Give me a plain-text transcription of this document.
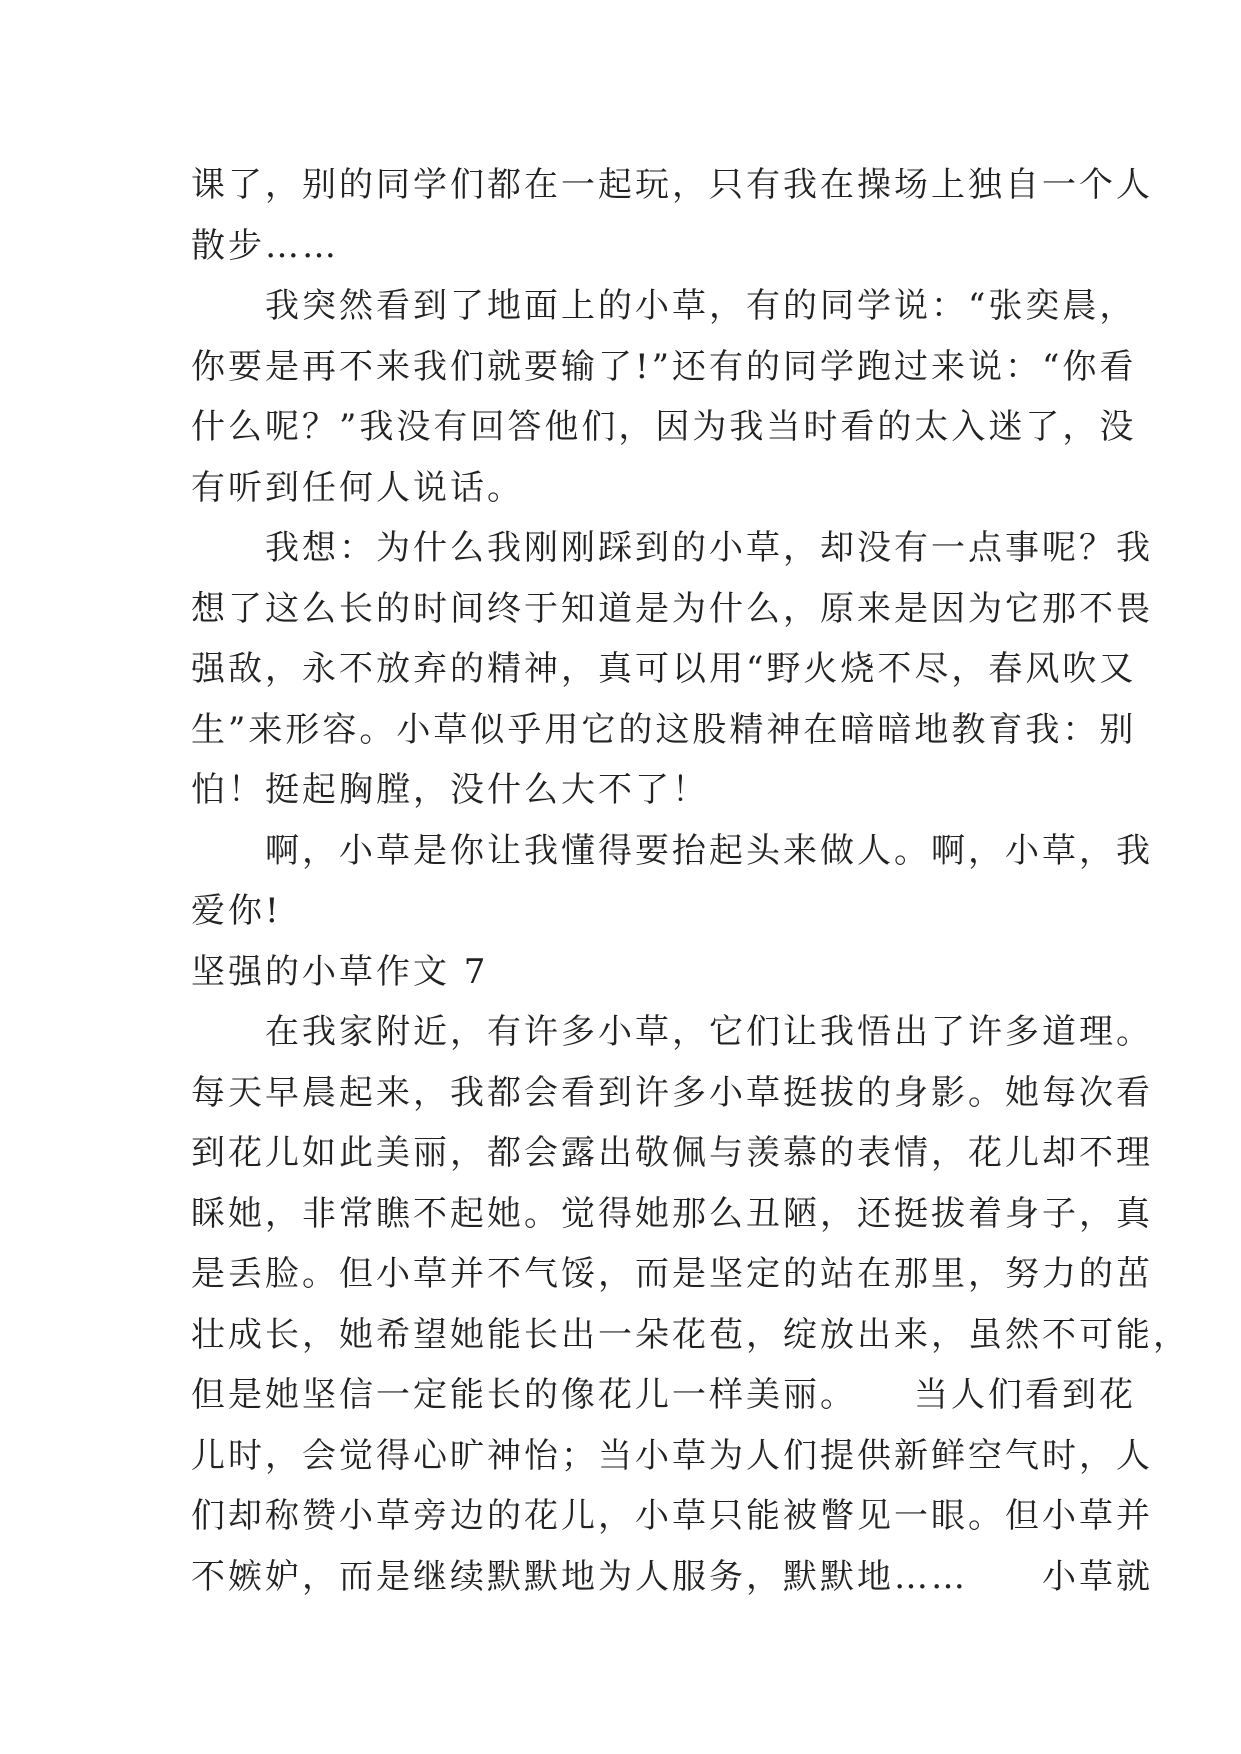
课了，别的同学们都在一起玩，只有我在操场上独自一个人
散步……
　　我突然看到了地面上的小草，有的同学说：“张奕晨，
你要是再不来我们就要输了!”还有的同学跑过来说：“你看
什么呢？”我没有回答他们，因为我当时看的太入迷了，没
有听到任何人说话。
　　我想：为什么我刚刚踩到的小草，却没有一点事呢？我
想了这么长的时间终于知道是为什么，原来是因为它那不畏
强敌，永不放弃的精神，真可以用“野火烧不尽，春风吹又
生”来形容。小草似乎用它的这股精神在暗暗地教育我：别
怕！挺起胸膛，没什么大不了！
　　啊，小草是你让我懂得要抬起头来做人。啊，小草，我
爱你!
坚强的小草作文 7
　　在我家附近，有许多小草，它们让我悟出了许多道理。
每天早晨起来，我都会看到许多小草挺拔的身影。她每次看
到花儿如此美丽，都会露出敬佩与羡慕的表情，花儿却不理
睬她，非常瞧不起她。觉得她那么丑陋，还挺拔着身子，真
是丢脸。但小草并不气馁，而是坚定的站在那里，努力的茁
壮成长，她希望她能长出一朵花苞，绽放出来，虽然不可能，
但是她坚信一定能长的像花儿一样美丽。　　当人们看到花
儿时，会觉得心旷神怡；当小草为人们提供新鲜空气时，人
们却称赞小草旁边的花儿，小草只能被瞥见一眼。但小草并
不嫉妒，而是继续默默地为人服务，默默地……　　小草就
